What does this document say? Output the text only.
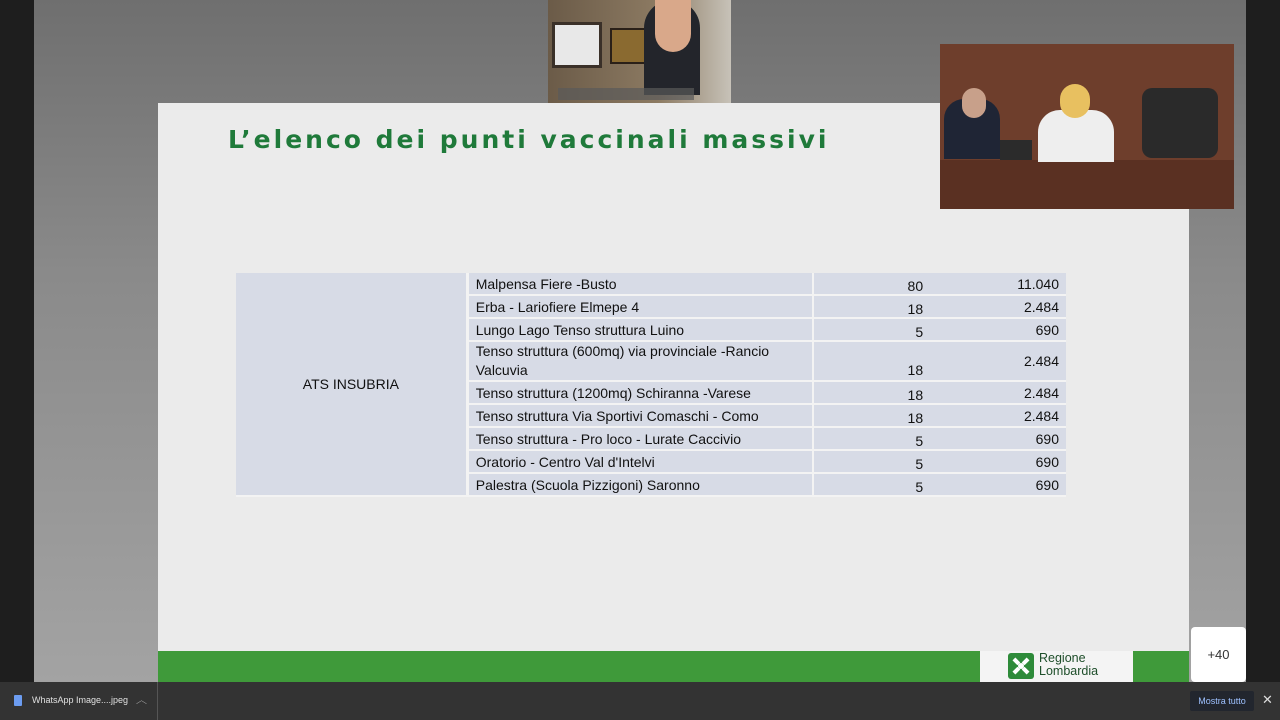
L’elenco dei punti vaccinali massivi
ATS INSUBRIA	Malpensa Fiere -Busto	80	11.040
	Erba - Lariofiere Elmepe 4	18	2.484
	Lungo Lago Tenso struttura Luino	5	690
	Tenso struttura (600mq) via provinciale -Rancio Valcuvia	18	2.484
	Tenso struttura (1200mq) Schiranna -Varese	18	2.484
	Tenso struttura Via Sportivi Comaschi - Como	18	2.484
	Tenso struttura - Pro loco - Lurate Caccivio	5	690
	Oratorio - Centro Val d'Intelvi	5	690
	Palestra (Scuola Pizzigoni) Saronno	5	690
Regione
Lombardia
+40
WhatsApp Image....jpeg ︿	Mostra tutto	✕
